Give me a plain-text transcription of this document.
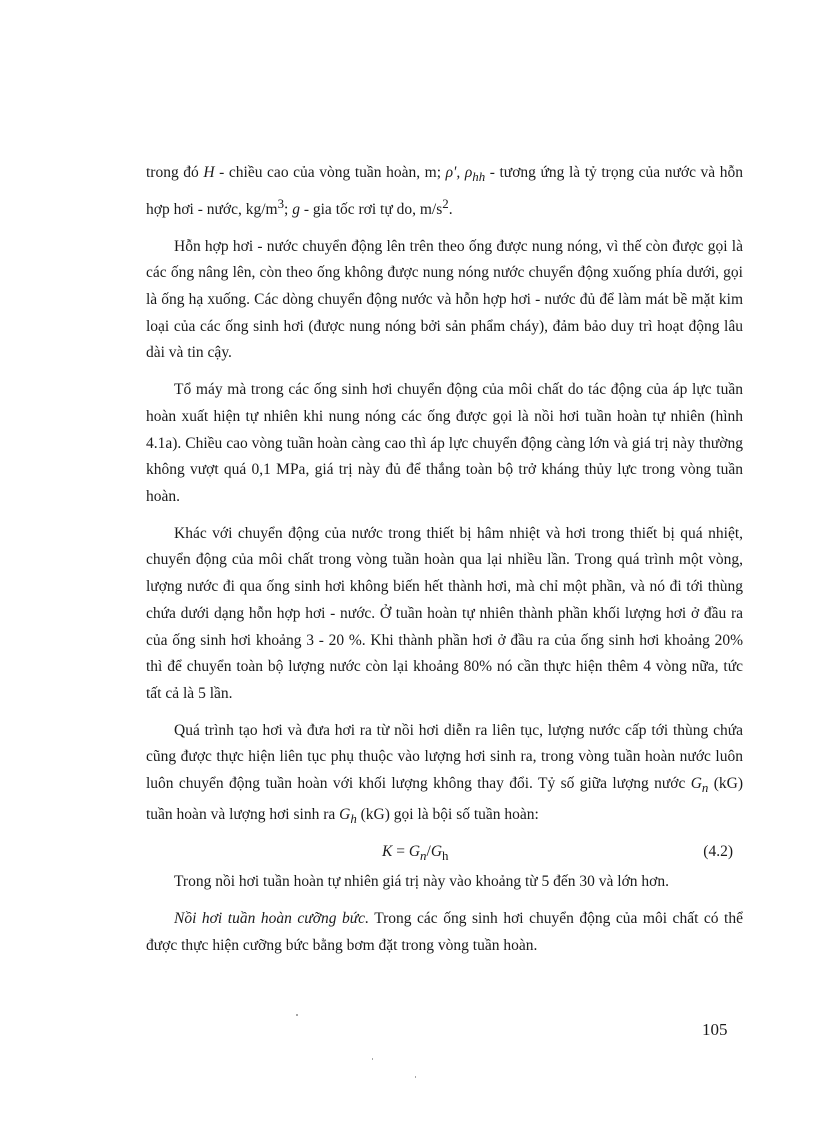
trong đó H - chiều cao của vòng tuần hoàn, m; ρ', $\rho_{hh}$ - tương ứng là tỷ trọng của nước và hỗn hợp hơi - nước, $kg/m^3$; g - gia tốc rơi tự do, $m/s^2$.

Hỗn hợp hơi - nước chuyển động lên trên theo ống được nung nóng, vì thế còn được gọi là các ống nâng lên, còn theo ống không được nung nóng nước chuyển động xuống phía dưới, gọi là ống hạ xuống. Các dòng chuyển động nước và hỗn hợp hơi - nước đủ để làm mát bề mặt kim loại của các ống sinh hơi (được nung nóng bởi sản phẩm cháy), đảm bảo duy trì hoạt động lâu dài và tin cậy.

Tổ máy mà trong các ống sinh hơi chuyển động của môi chất do tác động của áp lực tuần hoàn xuất hiện tự nhiên khi nung nóng các ống được gọi là nồi hơi tuần hoàn tự nhiên (hình 4.1a). Chiều cao vòng tuần hoàn càng cao thì áp lực chuyển động càng lớn và giá trị này thường không vượt quá 0,1 MPa, giá trị này đủ để thắng toàn bộ trở kháng thủy lực trong vòng tuần hoàn.

Khác với chuyển động của nước trong thiết bị hâm nhiệt và hơi trong thiết bị quá nhiệt, chuyển động của môi chất trong vòng tuần hoàn qua lại nhiều lần. Trong quá trình một vòng, lượng nước đi qua ống sinh hơi không biến hết thành hơi, mà chỉ một phần, và nó đi tới thùng chứa dưới dạng hỗn hợp hơi - nước. Ở tuần hoàn tự nhiên thành phần khối lượng hơi ở đầu ra của ống sinh hơi khoảng 3 - 20 %. Khi thành phần hơi ở đầu ra của ống sinh hơi khoảng 20% thì để chuyển toàn bộ lượng nước còn lại khoảng 80% nó cần thực hiện thêm 4 vòng nữa, tức tất cả là 5 lần.

Quá trình tạo hơi và đưa hơi ra từ nồi hơi diễn ra liên tục, lượng nước cấp tới thùng chứa cũng được thực hiện liên tục phụ thuộc vào lượng hơi sinh ra, trong vòng tuần hoàn nước luôn luôn chuyển động tuần hoàn với khối lượng không thay đổi. Tỷ số giữa lượng nước $G_n$ (kG) tuần hoàn và lượng hơi sinh ra $G_h$ (kG) gọi là bội số tuần hoàn:

$K = G_n/G_h$	(4.2)

Trong nồi hơi tuần hoàn tự nhiên giá trị này vào khoảng từ 5 đến 30 và lớn hơn.

Nồi hơi tuần hoàn cưỡng bức. Trong các ống sinh hơi chuyển động của môi chất có thể được thực hiện cưỡng bức bằng bơm đặt trong vòng tuần hoàn.

105
